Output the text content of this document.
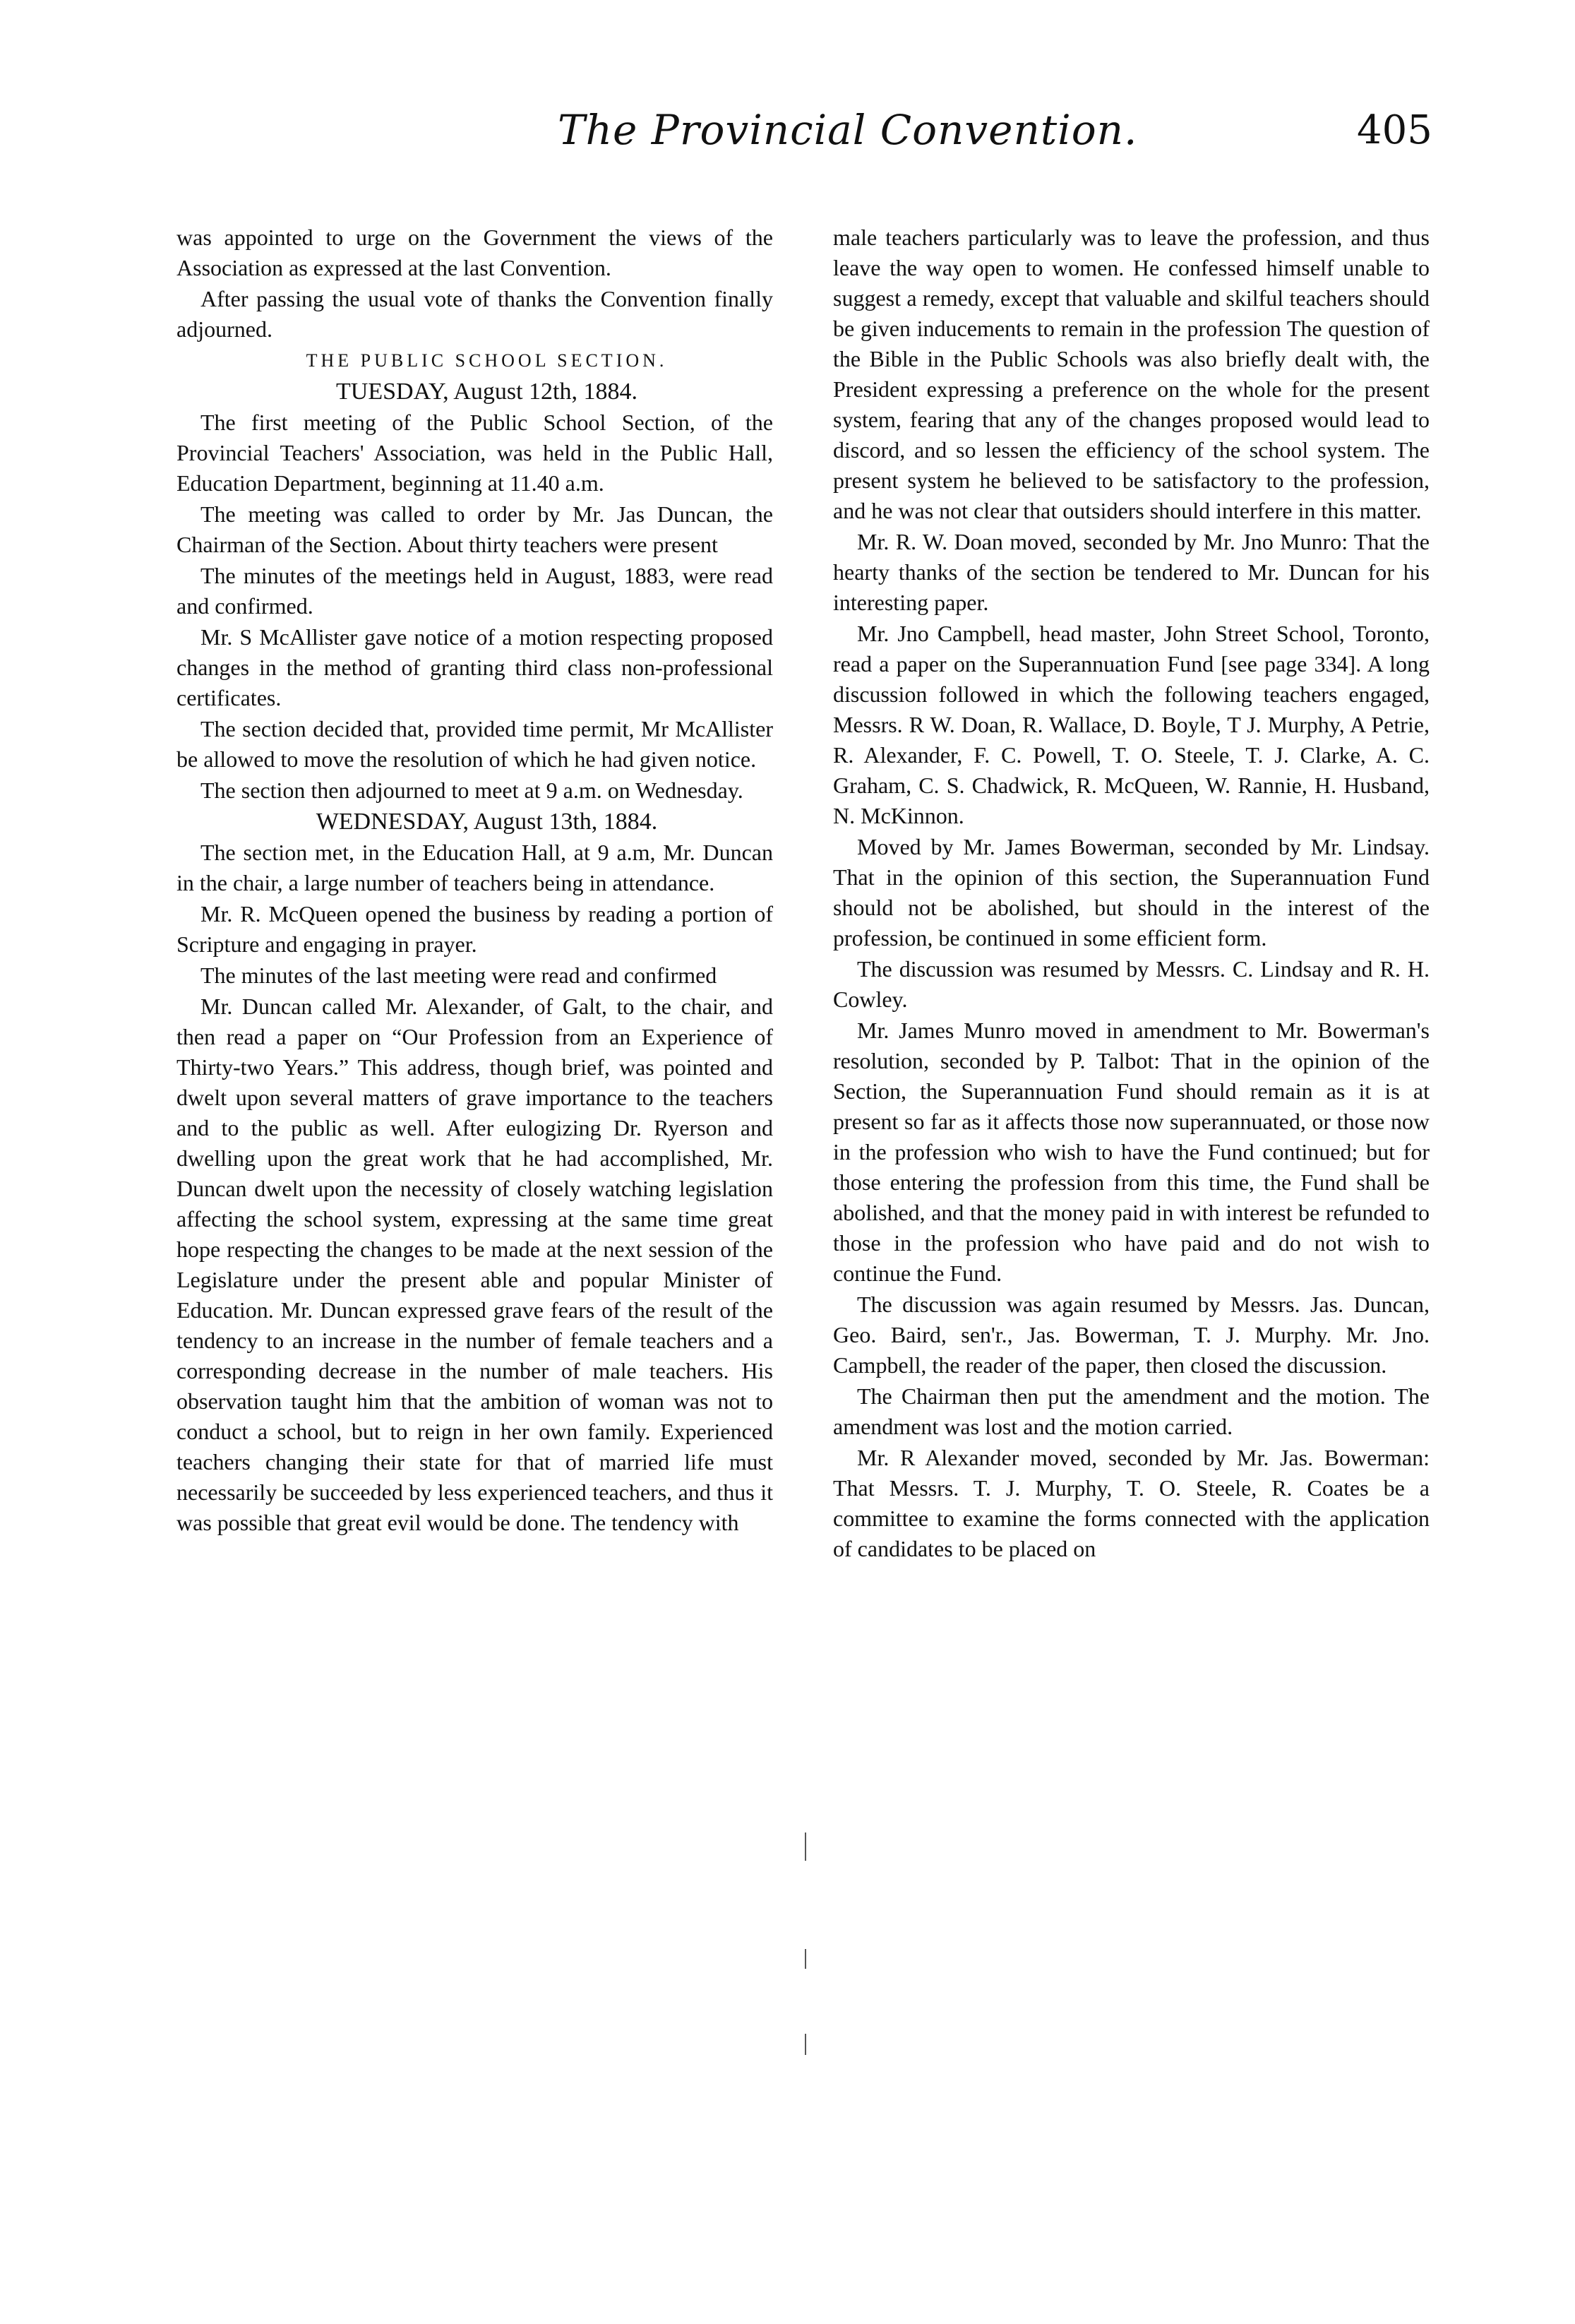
The Provincial Convention.	405

was appointed to urge on the Government the views of the Association as expressed at the last Convention.

After passing the usual vote of thanks the Convention finally adjourned.

THE PUBLIC SCHOOL SECTION.

TUESDAY, August 12th, 1884.

The first meeting of the Public School Section, of the Provincial Teachers' Association, was held in the Public Hall, Education Department, beginning at 11.40 a.m.

The meeting was called to order by Mr. Jas Duncan, the Chairman of the Section. About thirty teachers were present

The minutes of the meetings held in August, 1883, were read and confirmed.

Mr. S McAllister gave notice of a motion respecting proposed changes in the method of granting third class non-professional certificates.

The section decided that, provided time permit, Mr McAllister be allowed to move the resolution of which he had given notice.

The section then adjourned to meet at 9 a.m. on Wednesday.

WEDNESDAY, August 13th, 1884.

The section met, in the Education Hall, at 9 a.m, Mr. Duncan in the chair, a large number of teachers being in attendance.

Mr. R. McQueen opened the business by reading a portion of Scripture and engaging in prayer.

The minutes of the last meeting were read and confirmed

Mr. Duncan called Mr. Alexander, of Galt, to the chair, and then read a paper on “Our Profession from an Experience of Thirty-two Years.” This address, though brief, was pointed and dwelt upon several matters of grave importance to the teachers and to the public as well. After eulogizing Dr. Ryerson and dwelling upon the great work that he had accomplished, Mr. Duncan dwelt upon the necessity of closely watching legislation affecting the school system, expressing at the same time great hope respecting the changes to be made at the next session of the Legislature under the present able and popular Minister of Education. Mr. Duncan expressed grave fears of the result of the tendency to an increase in the number of female teachers and a corresponding decrease in the number of male teachers. His observation taught him that the ambition of woman was not to conduct a school, but to reign in her own family. Experienced teachers changing their state for that of married life must necessarily be succeeded by less experienced teachers, and thus it was possible that great evil would be done. The tendency with

male teachers particularly was to leave the profession, and thus leave the way open to women. He confessed himself unable to suggest a remedy, except that valuable and skilful teachers should be given inducements to remain in the profession The question of the Bible in the Public Schools was also briefly dealt with, the President expressing a preference on the whole for the present system, fearing that any of the changes proposed would lead to discord, and so lessen the efficiency of the school system. The present system he believed to be satisfactory to the profession, and he was not clear that outsiders should interfere in this matter.

Mr. R. W. Doan moved, seconded by Mr. Jno Munro: That the hearty thanks of the section be tendered to Mr. Duncan for his interesting paper.

Mr. Jno Campbell, head master, John Street School, Toronto, read a paper on the Superannuation Fund [see page 334]. A long discussion followed in which the following teachers engaged, Messrs. R W. Doan, R. Wallace, D. Boyle, T J. Murphy, A Petrie, R. Alexander, F. C. Powell, T. O. Steele, T. J. Clarke, A. C. Graham, C. S. Chadwick, R. McQueen, W. Rannie, H. Husband, N. McKinnon.

Moved by Mr. James Bowerman, seconded by Mr. Lindsay. That in the opinion of this section, the Superannuation Fund should not be abolished, but should in the interest of the profession, be continued in some efficient form.

The discussion was resumed by Messrs. C. Lindsay and R. H. Cowley.

Mr. James Munro moved in amendment to Mr. Bowerman's resolution, seconded by P. Talbot: That in the opinion of the Section, the Superannuation Fund should remain as it is at present so far as it affects those now superannuated, or those now in the profession who wish to have the Fund continued; but for those entering the profession from this time, the Fund shall be abolished, and that the money paid in with interest be refunded to those in the profession who have paid and do not wish to continue the Fund.

The discussion was again resumed by Messrs. Jas. Duncan, Geo. Baird, sen'r., Jas. Bowerman, T. J. Murphy. Mr. Jno. Campbell, the reader of the paper, then closed the discussion.

The Chairman then put the amendment and the motion. The amendment was lost and the motion carried.

Mr. R Alexander moved, seconded by Mr. Jas. Bowerman: That Messrs. T. J. Murphy, T. O. Steele, R. Coates be a committee to examine the forms connected with the application of candidates to be placed on
